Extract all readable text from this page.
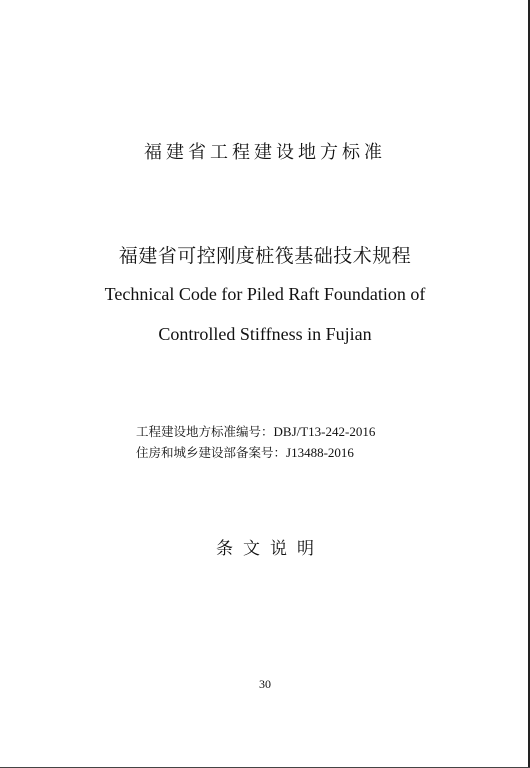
福建省工程建设地方标准
福建省可控刚度桩筏基础技术规程
Technical Code for Piled Raft Foundation of
Controlled Stiffness in Fujian
工程建设地方标准编号：DBJ/T13-242-2016
住房和城乡建设部备案号：J13488-2016
条文说明
30
